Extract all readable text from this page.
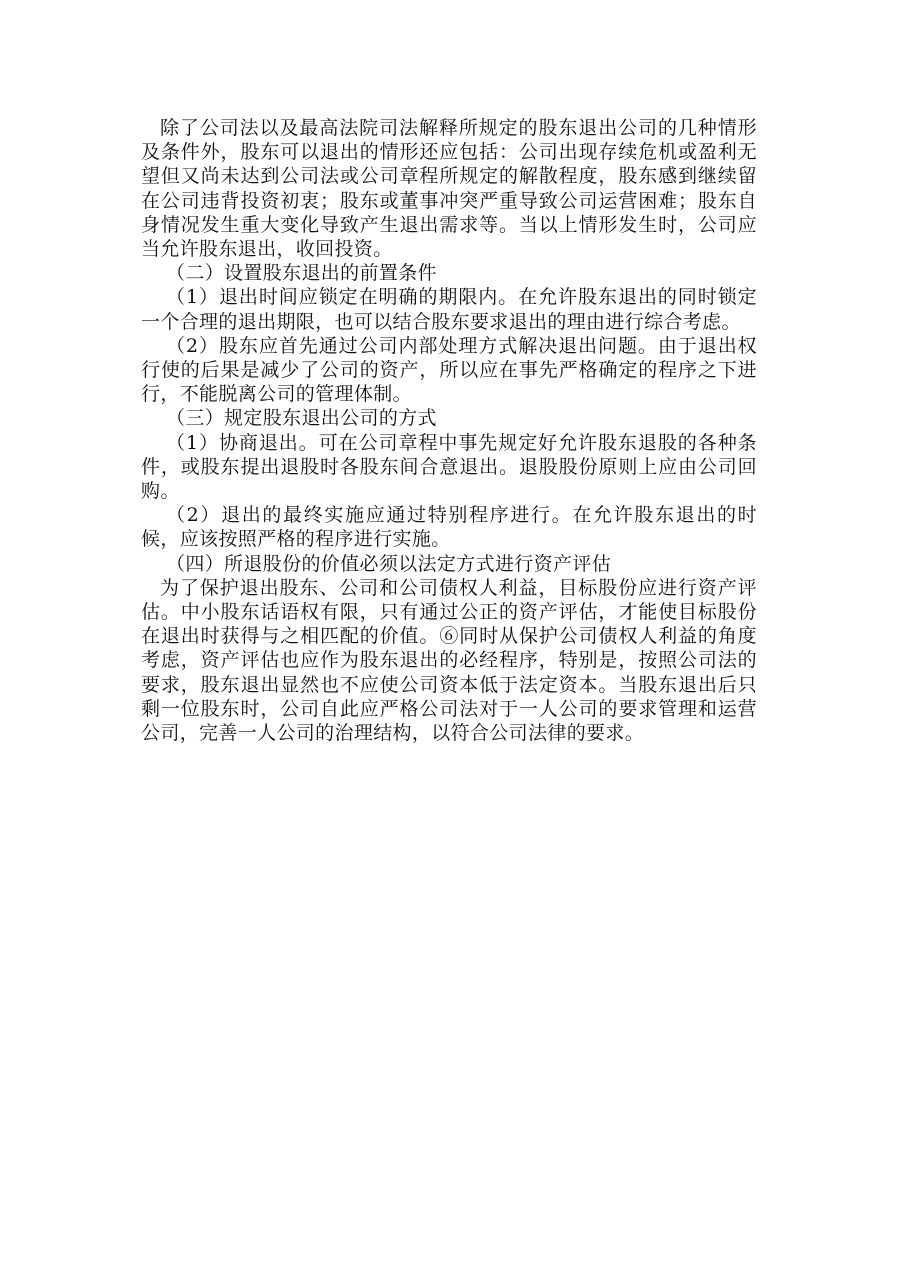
除了公司法以及最高法院司法解释所规定的股东退出公司的几种情形及条件外，股东可以退出的情形还应包括：公司出现存续危机或盈利无望但又尚未达到公司法或公司章程所规定的解散程度，股东感到继续留在公司违背投资初衷；股东或董事冲突严重导致公司运营困难；股东自身情况发生重大变化导致产生退出需求等。当以上情形发生时，公司应当允许股东退出，收回投资。

（二）设置股东退出的前置条件

（1）退出时间应锁定在明确的期限内。在允许股东退出的同时锁定一个合理的退出期限，也可以结合股东要求退出的理由进行综合考虑。

（2）股东应首先通过公司内部处理方式解决退出问题。由于退出权行使的后果是减少了公司的资产，所以应在事先严格确定的程序之下进行，不能脱离公司的管理体制。

（三）规定股东退出公司的方式

（1）协商退出。可在公司章程中事先规定好允许股东退股的各种条件，或股东提出退股时各股东间合意退出。退股股份原则上应由公司回购。

（2）退出的最终实施应通过特别程序进行。在允许股东退出的时候，应该按照严格的程序进行实施。

（四）所退股份的价值必须以法定方式进行资产评估

为了保护退出股东、公司和公司债权人利益，目标股份应进行资产评估。中小股东话语权有限，只有通过公正的资产评估，才能使目标股份在退出时获得与之相匹配的价值。⑥同时从保护公司债权人利益的角度考虑，资产评估也应作为股东退出的必经程序，特别是，按照公司法的要求，股东退出显然也不应使公司资本低于法定资本。当股东退出后只剩一位股东时，公司自此应严格公司法对于一人公司的要求管理和运营公司，完善一人公司的治理结构，以符合公司法律的要求。
